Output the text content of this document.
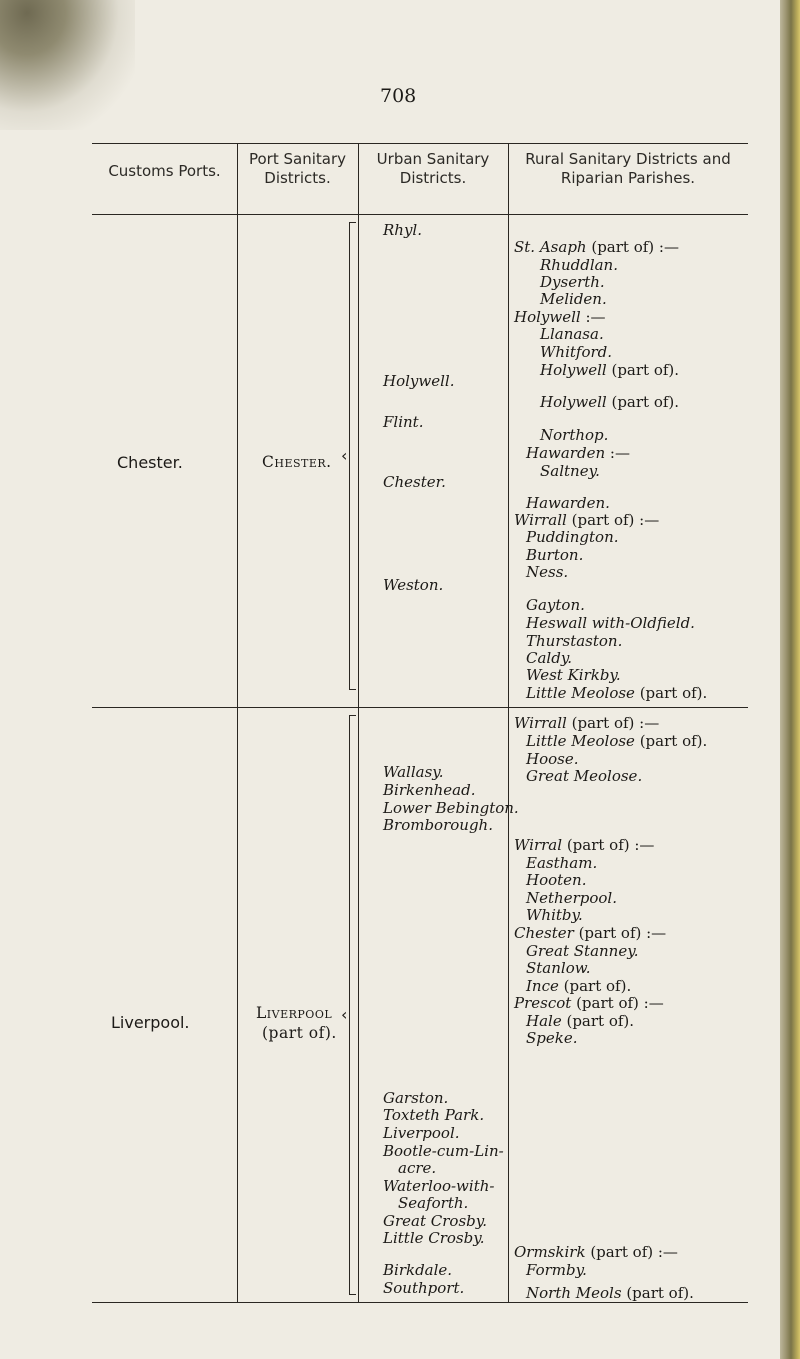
708
Customs Ports.
Port Sanitary
Districts.
Urban Sanitary
Districts.
Rural Sanitary Districts and
Riparian Parishes.
Chester.	Chester. ‹
Rhyl.
Holywell.
Flint.
Chester.
Weston.
St. Asaph (part of) :—
Rhuddlan.
Dyserth.
Meliden.
Holywell :—
Llanasa.
Whitford.
Holywell (part of).
Holywell (part of).
Northop.
Hawarden :—
Saltney.
Hawarden.
Wirrall (part of) :—
Puddington.
Burton.
Ness.
Gayton.
Heswall with-Oldfield.
Thurstaston.
Caldy.
West Kirkby.
Little Meolose (part of).
Liverpool.	Liverpool
(part of).
‹
Wallasy.
Birkenhead.
Lower Bebington.
Bromborough.
Garston.
Toxteth Park.
Liverpool.
Bootle-cum-Lin-
acre.
Waterloo-with-
Seaforth.
Great Crosby.
Little Crosby.
Birkdale.
Southport.
Wirrall (part of) :—
Little Meolose (part of).
Hoose.
Great Meolose.
Wirral (part of) :—
Eastham.
Hooten.
Netherpool.
Whitby.
Chester (part of) :—
Great Stanney.
Stanlow.
Ince (part of).
Prescot (part of) :—
Hale (part of).
Speke.
Ormskirk (part of) :—
Formby.
North Meols (part of).
